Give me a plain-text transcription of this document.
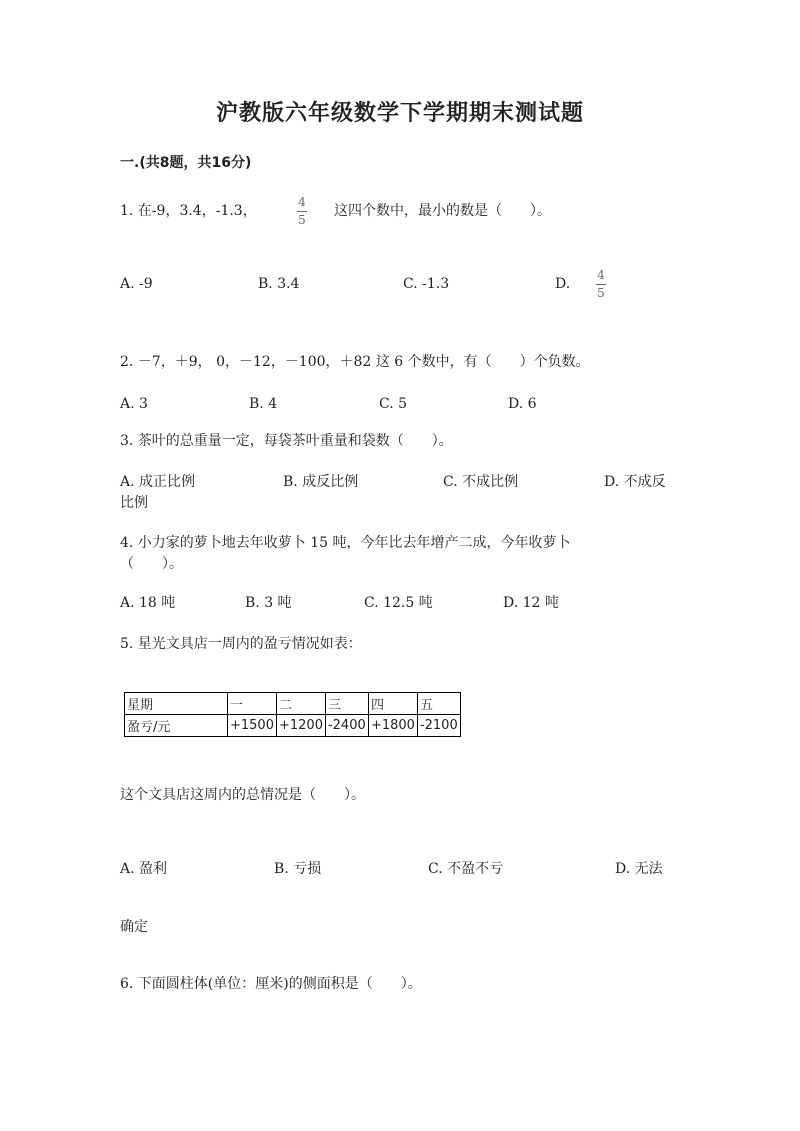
沪教版六年级数学下学期期末测试题
一.(共8题，共16分)
1. 在-9，3.4，-1.3，
4
5
这四个数中，最小的数是（　　）。
A. -9	B. 3.4	C. -1.3	D.
4
5
2. －7，＋9， 0，－12，－100，＋82 这 6 个数中，有（　　）个负数。
A. 3	B. 4	C. 5	D. 6
3. 茶叶的总重量一定，每袋茶叶重量和袋数（　　）。
A. 成正比例	B. 成反比例	C. 不成比例	D. 不成反
比例
4. 小力家的萝卜地去年收萝卜 15 吨，今年比去年增产二成，今年收萝卜
（　　）。
A. 18 吨	B. 3 吨	C. 12.5 吨	D. 12 吨
5. 星光文具店一周内的盈亏情况如表：
星期	一	二	三	四	五
盈亏/元	+1500	+1200	-2400	+1800	-2100
这个文具店这周内的总情况是（　　）。
A. 盈利	B. 亏损	C. 不盈不亏	D. 无法
确定
6. 下面圆柱体(单位：厘米)的侧面积是（　　）。
